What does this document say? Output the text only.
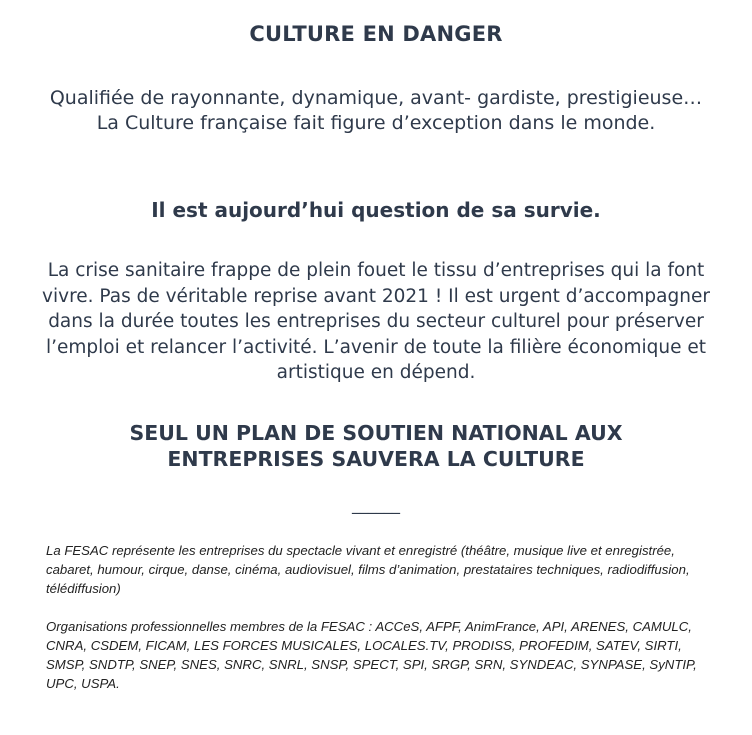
CULTURE EN DANGER
Qualifiée de rayonnante, dynamique, avant- gardiste, prestigieuse… La Culture française fait figure d’exception dans le monde.
Il est aujourd’hui question de sa survie.
La crise sanitaire frappe de plein fouet le tissu d’entreprises qui la font vivre. Pas de véritable reprise avant 2021 ! Il est urgent d’accompagner dans la durée toutes les entreprises du secteur culturel pour préserver l’emploi et relancer l’activité. L’avenir de toute la filière économique et artistique en dépend.
SEUL UN PLAN DE SOUTIEN NATIONAL AUX ENTREPRISES SAUVERA LA CULTURE
______
La FESAC représente les entreprises du spectacle vivant et enregistré (théâtre, musique live et enregistrée, cabaret, humour, cirque, danse, cinéma, audiovisuel, films d’animation, prestataires techniques, radiodiffusion, télédiffusion)
Organisations professionnelles membres de la FESAC : ACCeS, AFPF, AnimFrance, API, ARENES, CAMULC, CNRA, CSDEM, FICAM, LES FORCES MUSICALES, LOCALES.TV, PRODISS, PROFEDIM, SATEV, SIRTI, SMSP, SNDTP, SNEP, SNES, SNRC, SNRL, SNSP, SPECT, SPI, SRGP, SRN, SYNDEAC, SYNPASE, SyNTIP, UPC, USPA.
